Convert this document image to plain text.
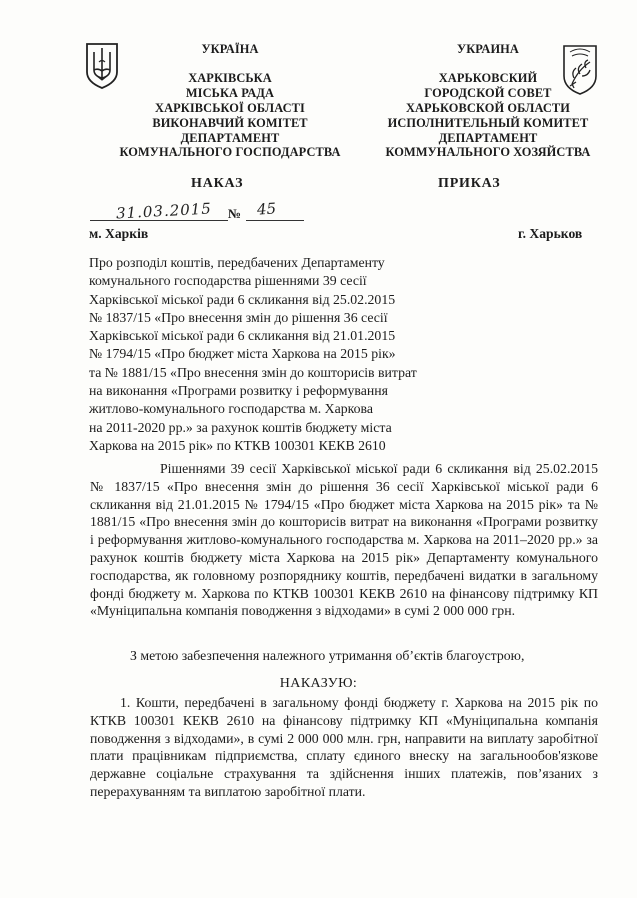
УКРАЇНА
ХАРКІВСЬКА
МІСЬКА РАДА
ХАРКІВСЬКОЇ ОБЛАСТІ
ВИКОНАВЧИЙ КОМІТЕТ
ДЕПАРТАМЕНТ
КОМУНАЛЬНОГО ГОСПОДАРСТВА
УКРАИНА
ХАРЬКОВСКИЙ
ГОРОДСКОЙ СОВЕТ
ХАРЬКОВСКОЙ ОБЛАСТИ
ИСПОЛНИТЕЛЬНЫЙ КОМИТЕТ
ДЕПАРТАМЕНТ
КОММУНАЛЬНОГО ХОЗЯЙСТВА
НАКАЗ	ПРИКАЗ
31.03.2015 № 45
м. Харків	г. Харьков
Про розподіл коштів, передбачених Департаменту
комунального господарства рішеннями 39 сесії
Харківської міської ради 6 скликання від 25.02.2015
№ 1837/15 «Про внесення змін до рішення 36 сесії
Харківської міської ради 6 скликання від 21.01.2015
№ 1794/15 «Про бюджет міста Харкова на 2015 рік»
та № 1881/15 «Про внесення змін до кошторисів витрат
на виконання «Програми розвитку і реформування
житлово-комунального господарства м. Харкова
на 2011-2020 рр.» за рахунок коштів бюджету міста
Харкова на 2015 рік» по КТКВ 100301 КЕКВ 2610
Рішеннями 39 сесії Харківської міської ради 6 скликання від 25.02.2015 № 1837/15 «Про внесення змін до рішення 36 сесії Харківської міської ради 6 скликання від 21.01.2015 № 1794/15 «Про бюджет міста Харкова на 2015 рік» та № 1881/15 «Про внесення змін до кошторисів витрат на виконання «Програми розвитку і реформування житлово-комунального господарства м. Харкова на 2011–2020 рр.» за рахунок коштів бюджету міста Харкова на 2015 рік» Департаменту комунального господарства, як головному розпоряднику коштів, передбачені видатки в загальному фонді бюджету м. Харкова по КТКВ 100301 КЕКВ 2610 на фінансову підтримку КП «Муніципальна компанія поводження з відходами» в сумі 2 000 000 грн.
З метою забезпечення належного утримання об’єктів благоустрою,
НАКАЗУЮ:
1. Кошти, передбачені в загальному фонді бюджету г. Харкова на 2015 рік по КТКВ 100301 КЕКВ 2610 на фінансову підтримку КП «Муніципальна компанія поводження з відходами», в сумі 2 000 000 млн. грн, направити на виплату заробітної плати працівникам підприємства, сплату єдиного внеску на загальнообов'язкове державне соціальне страхування та здійснення інших платежів, пов’язаних з перерахуванням та виплатою заробітної плати.
